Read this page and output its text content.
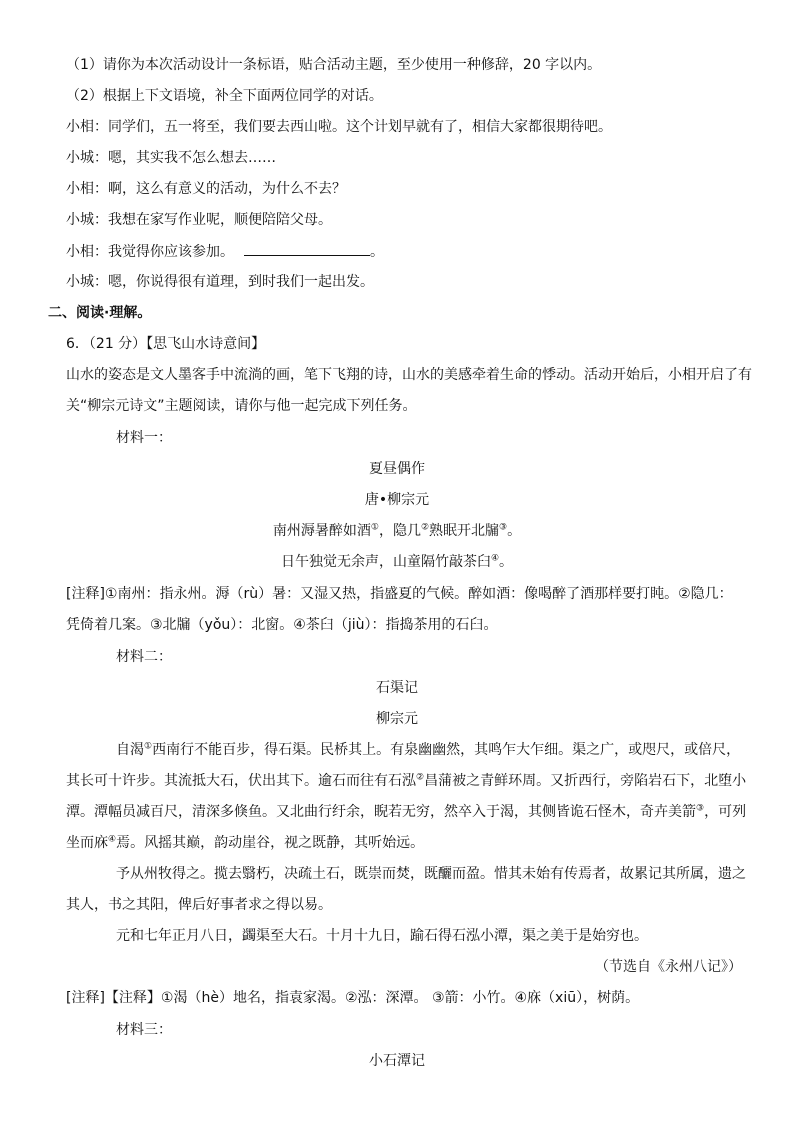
（1）请你为本次活动设计一条标语，贴合活动主题，至少使用一种修辞，20 字以内。
（2）根据上下文语境，补全下面两位同学的对话。
小相：同学们，五一将至，我们要去西山啦。这个计划早就有了，相信大家都很期待吧。
小城：嗯，其实我不怎么想去……
小相：啊，这么有意义的活动，为什么不去？
小城：我想在家写作业呢，顺便陪陪父母。
小相：我觉得你应该参加。	。
小城：嗯，你说得很有道理，到时我们一起出发。
二、阅读·理解。
6．（21 分）【思飞山水诗意间】
山水的姿态是文人墨客手中流淌的画，笔下飞翔的诗，山水的美感牵着生命的悸动。活动开始后，小相开启了有
关“柳宗元诗文”主题阅读，请你与他一起完成下列任务。
材料一：
夏昼偶作
唐•柳宗元
南州溽暑醉如酒①，隐几②熟眠开北牖③。
日午独觉无余声，山童隔竹敲茶臼④。
[注释]①南州：指永州。溽（rù）暑：又湿又热，指盛夏的气候。醉如酒：像喝醉了酒那样要打盹。②隐几：
凭倚着几案。③北牖（yǒu）：北窗。④茶臼（jiù）：指捣茶用的石臼。
材料二：
石渠记
柳宗元
自渴①西南行不能百步，得石渠。民桥其上。有泉幽幽然，其鸣乍大乍细。渠之广，或咫尺，或倍尺，
其长可十许步。其流抵大石，伏出其下。逾石而往有石泓②昌蒲被之青鲜环周。又折西行，旁陷岩石下，北堕小
潭。潭幅员减百尺，清深多倏鱼。又北曲行纡余，睨若无穷，然卒入于渴，其侧皆诡石怪木，奇卉美箭③，可列
坐而庥④焉。风摇其巅，韵动崖谷，视之既静，其听始远。
予从州牧得之。揽去翳朽，决疏土石，既崇而焚，既釃而盈。惜其未始有传焉者，故累记其所属，遗之
其人，书之其阳，俾后好事者求之得以易。
元和七年正月八日，蠲渠至大石。十月十九日，踰石得石泓小潭，渠之美于是始穷也。
（节选自《永州八记》）
[注释]【注释】①渴（hè）地名，指袁家渴。②泓：深潭。 ③箭：小竹。④庥（xiū），树荫。
材料三：
小石潭记
